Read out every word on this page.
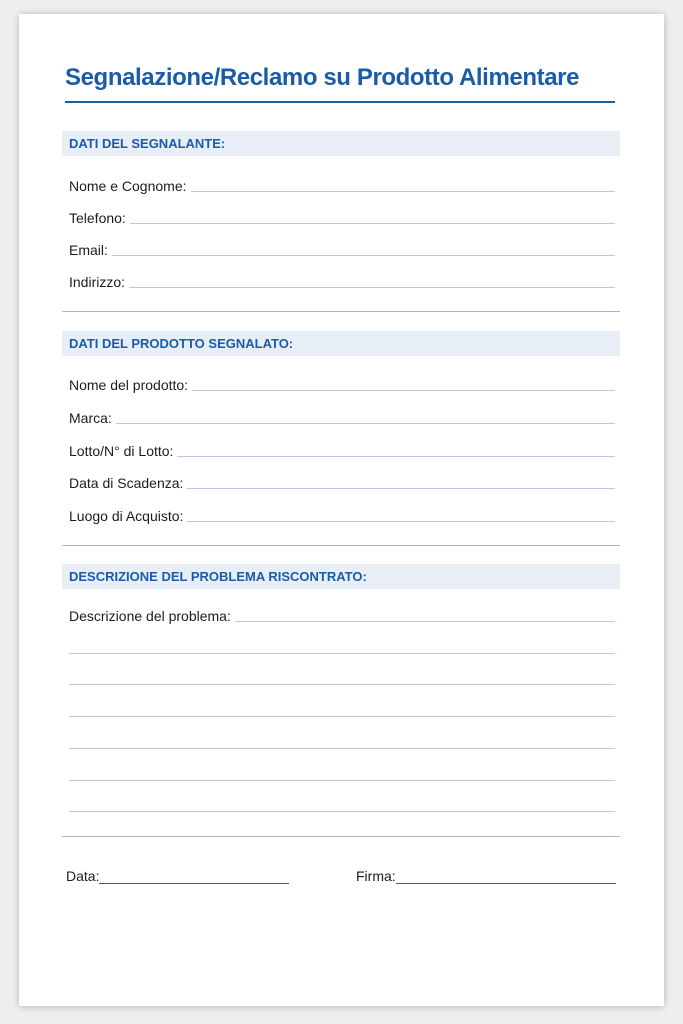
Segnalazione/Reclamo su Prodotto Alimentare
DATI DEL SEGNALANTE:
Nome e Cognome:
Telefono:
Email:
Indirizzo:
DATI DEL PRODOTTO SEGNALATO:
Nome del prodotto:
Marca:
Lotto/N° di Lotto:
Data di Scadenza:
Luogo di Acquisto:
DESCRIZIONE DEL PROBLEMA RISCONTRATO:
Descrizione del problema:
Data:	Firma:
